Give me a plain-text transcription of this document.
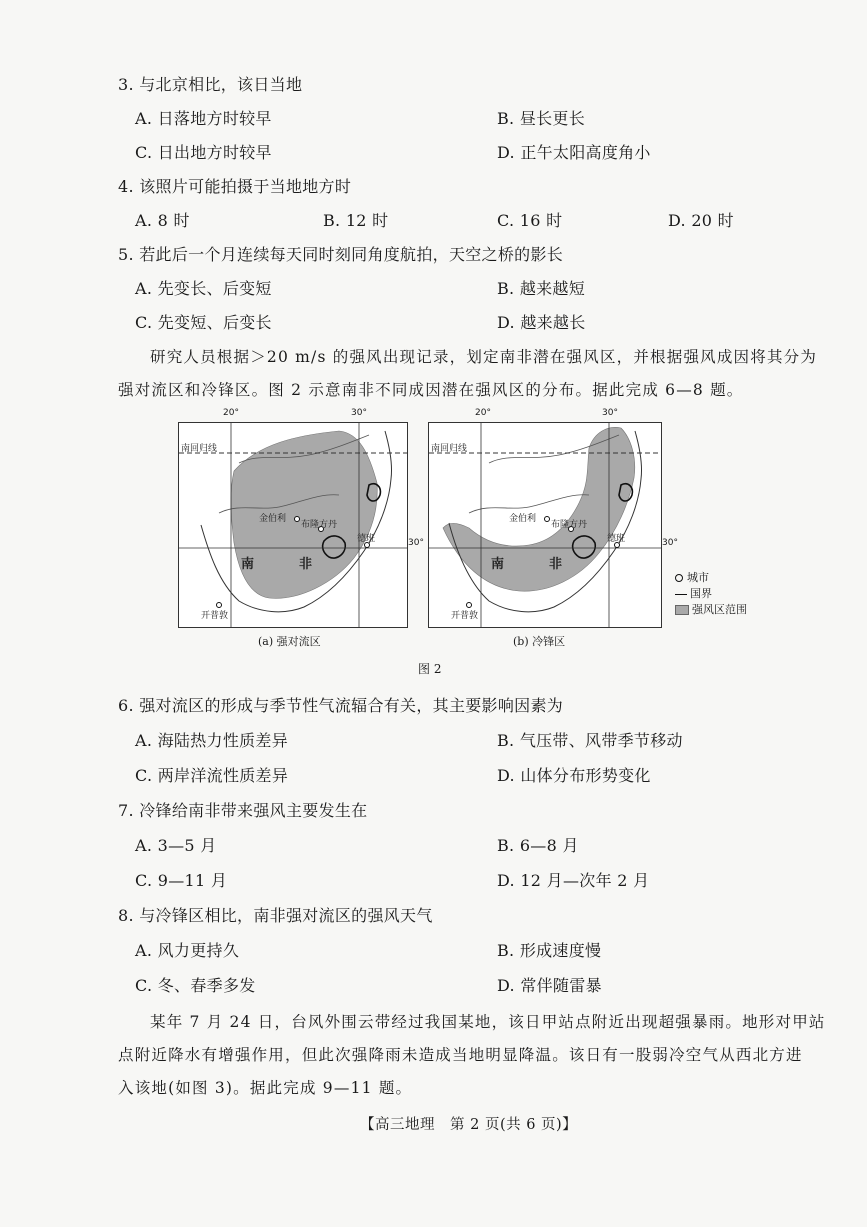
3. 与北京相比，该日当地
A. 日落地方时较早	B. 昼长更长
C. 日出地方时较早	D. 正午太阳高度角小
4. 该照片可能拍摄于当地地方时
A. 8 时	B. 12 时	C. 16 时	D. 20 时
5. 若此后一个月连续每天同时刻同角度航拍，天空之桥的影长
A. 先变长、后变短	B. 越来越短
C. 先变短、后变长	D. 越来越长
研究人员根据＞20 m/s 的强风出现记录，划定南非潜在强风区，并根据强风成因将其分为
强对流区和冷锋区。图 2 示意南非不同成因潜在强风区的分布。据此完成 6—8 题。
南回归线
金伯利
布隆方丹
德班
开普敦
南	非
20°	30°
30°
南回归线
金伯利
布隆方丹
德班
开普敦
南	非
20°	30°
30°
(a) 强对流区	(b) 冷锋区
城市
国界
强风区范围
图 2
6. 强对流区的形成与季节性气流辐合有关，其主要影响因素为
A. 海陆热力性质差异	B. 气压带、风带季节移动
C. 两岸洋流性质差异	D. 山体分布形势变化
7. 冷锋给南非带来强风主要发生在
A. 3—5 月	B. 6—8 月
C. 9—11 月	D. 12 月—次年 2 月
8. 与冷锋区相比，南非强对流区的强风天气
A. 风力更持久	B. 形成速度慢
C. 冬、春季多发	D. 常伴随雷暴
某年 7 月 24 日，台风外围云带经过我国某地，该日甲站点附近出现超强暴雨。地形对甲站
点附近降水有增强作用，但此次强降雨未造成当地明显降温。该日有一股弱冷空气从西北方进
入该地(如图 3)。据此完成 9—11 题。
【高三地理　第 2 页(共 6 页)】
